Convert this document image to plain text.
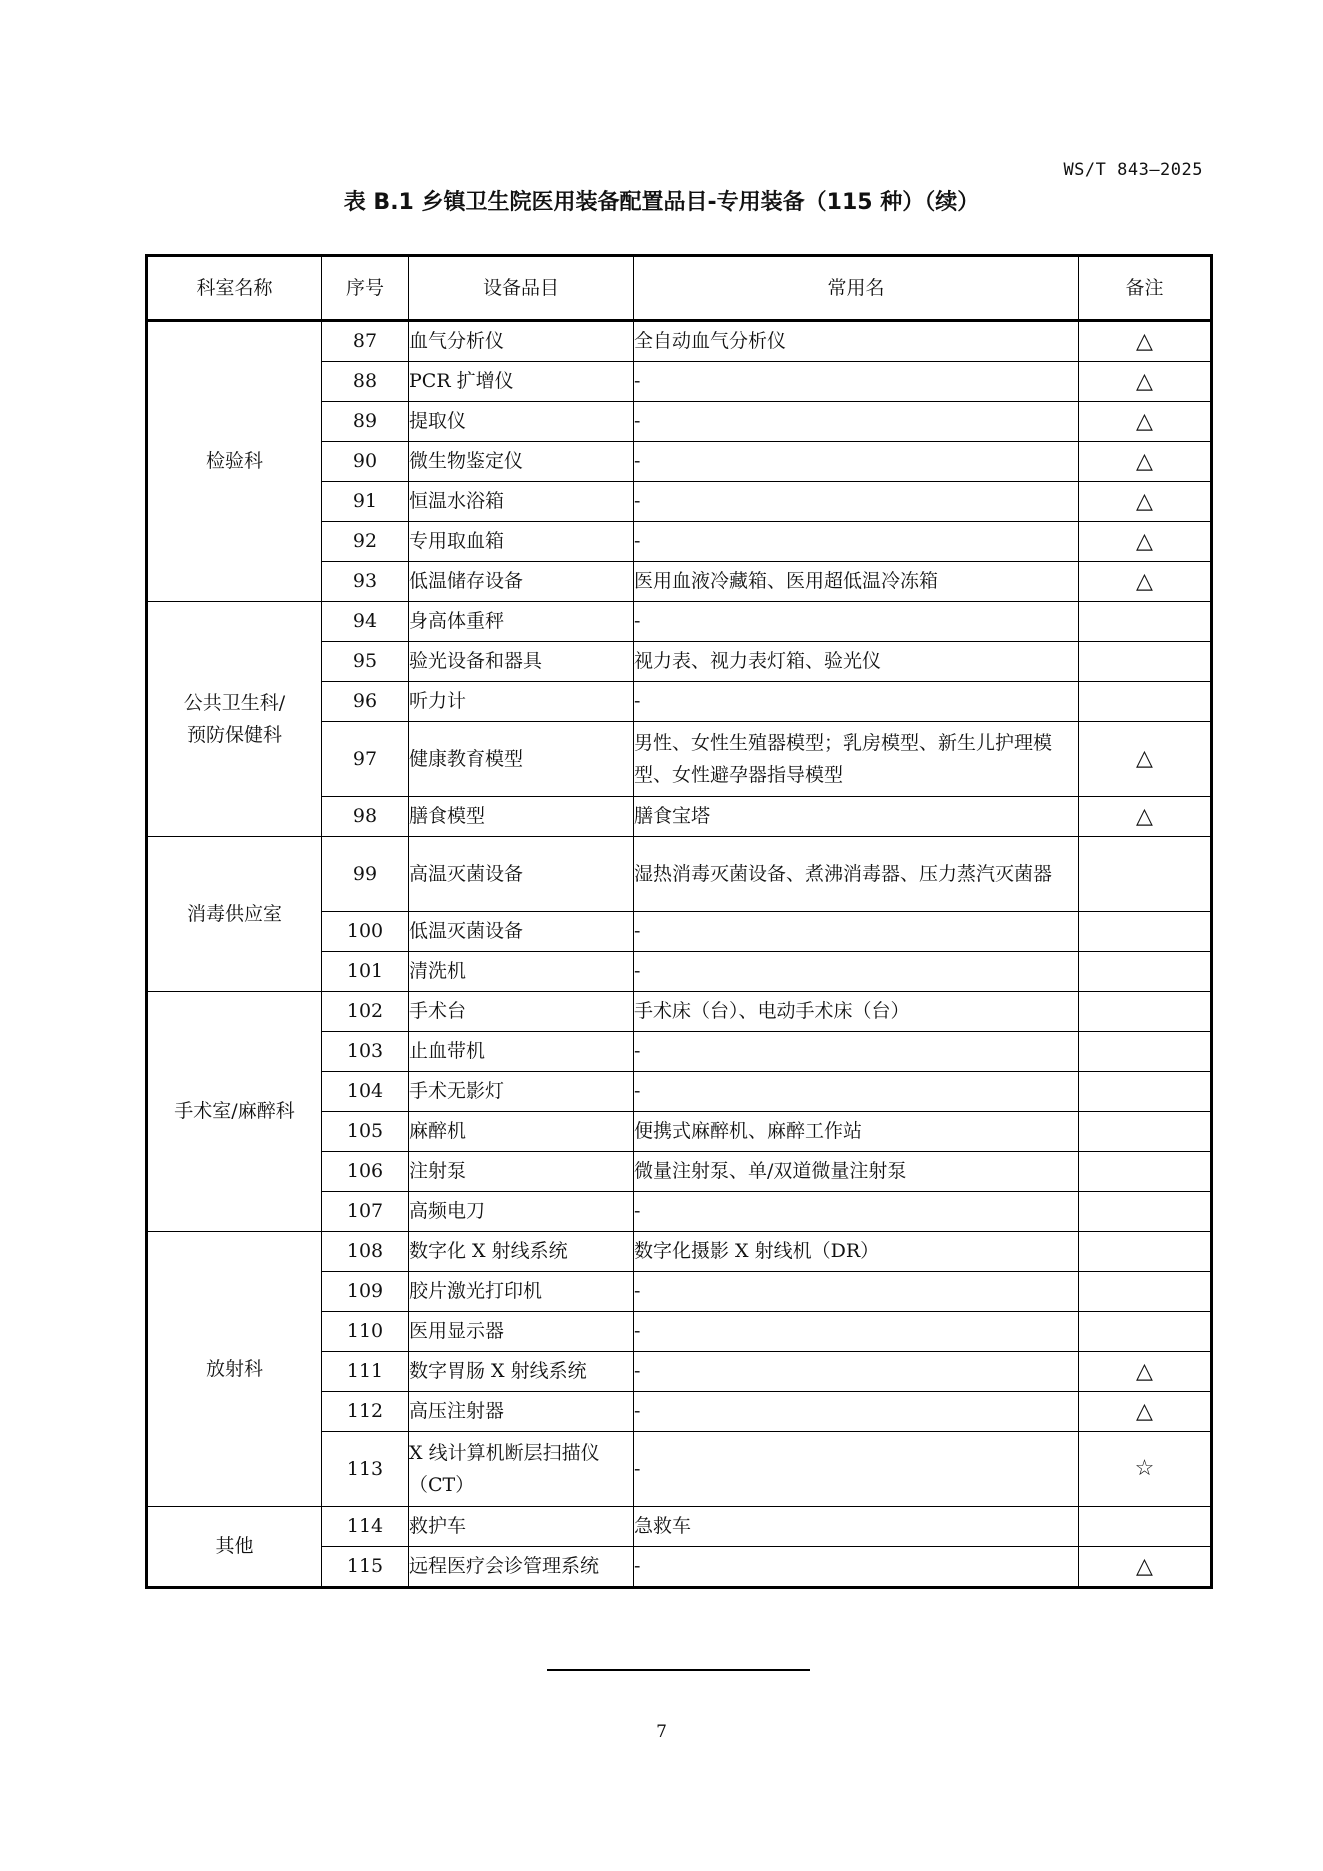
WS/T 843—2025
表 B.1 乡镇卫生院医用装备配置品目-专用装备（115 种）（续）
科室名称	序号	设备品目	常用名	备注
检验科	87	血气分析仪	全自动血气分析仪	△
	88	PCR 扩增仪	-	△
	89	提取仪	-	△
	90	微生物鉴定仪	-	△
	91	恒温水浴箱	-	△
	92	专用取血箱	-	△
	93	低温储存设备	医用血液冷藏箱、医用超低温冷冻箱	△
公共卫生科/预防保健科	94	身高体重秤	-	
	95	验光设备和器具	视力表、视力表灯箱、验光仪	
	96	听力计	-	
	97	健康教育模型	男性、女性生殖器模型；乳房模型、新生儿护理模型、女性避孕器指导模型	△
	98	膳食模型	膳食宝塔	△
消毒供应室	99	高温灭菌设备	湿热消毒灭菌设备、煮沸消毒器、压力蒸汽灭菌器	
	100	低温灭菌设备	-	
	101	清洗机	-	
手术室/麻醉科	102	手术台	手术床（台）、电动手术床（台）	
	103	止血带机	-	
	104	手术无影灯	-	
	105	麻醉机	便携式麻醉机、麻醉工作站	
	106	注射泵	微量注射泵、单/双道微量注射泵	
	107	高频电刀	-	
放射科	108	数字化 X 射线系统	数字化摄影 X 射线机（DR）	
	109	胶片激光打印机	-	
	110	医用显示器	-	
	111	数字胃肠 X 射线系统	-	△
	112	高压注射器	-	△
	113	X 线计算机断层扫描仪（CT）	-	☆
其他	114	救护车	急救车	
	115	远程医疗会诊管理系统	-	△
7
